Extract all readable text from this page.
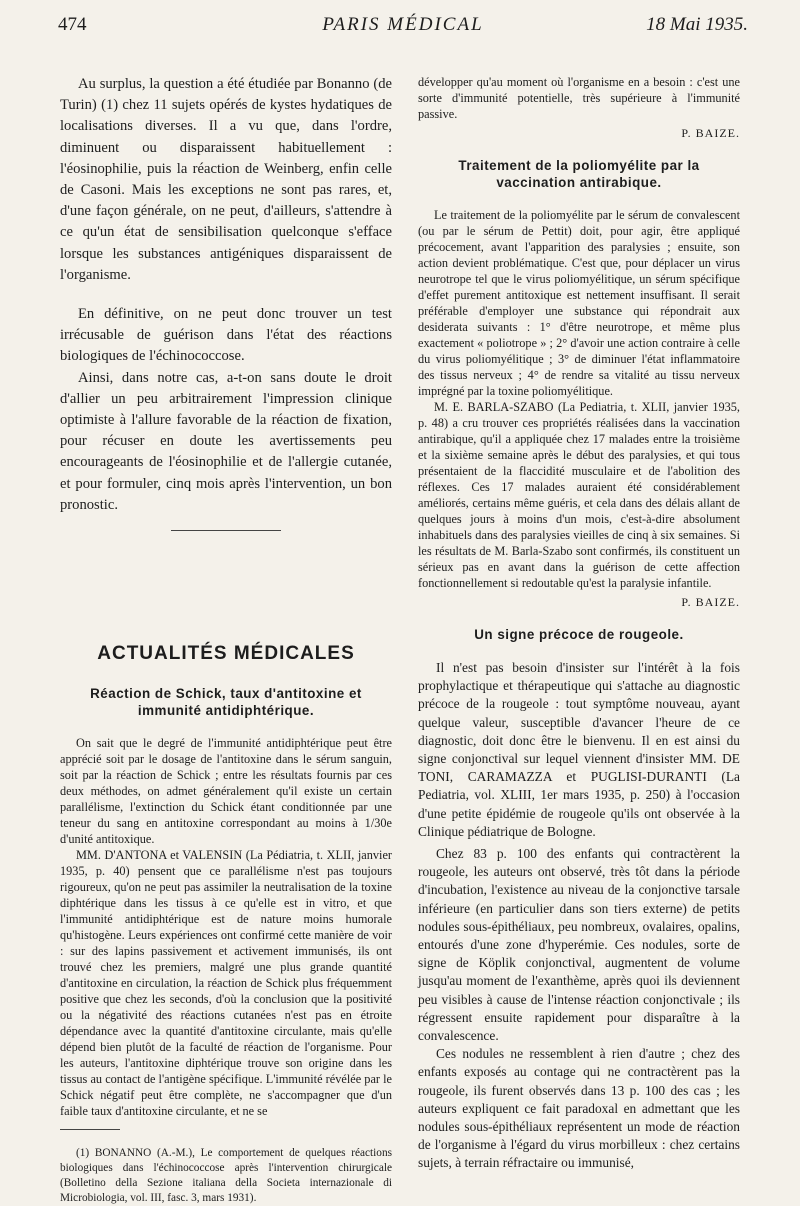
474	PARIS MÉDICAL	18 Mai 1935.

Au surplus, la question a été étudiée par Bonanno (de Turin) (1) chez 11 sujets opérés de kystes hydatiques de localisations diverses. Il a vu que, dans l'ordre, diminuent ou disparaissent habituellement : l'éosinophilie, puis la réaction de Weinberg, enfin celle de Casoni. Mais les exceptions ne sont pas rares, et, d'une façon générale, on ne peut, d'ailleurs, s'attendre à ce qu'un état de sensibilisation quelconque s'efface lorsque les substances antigéniques disparaissent de l'organisme.

En définitive, on ne peut donc trouver un test irrécusable de guérison dans l'état des réactions biologiques de l'échinococcose.

Ainsi, dans notre cas, a-t-on sans doute le droit d'allier un peu arbitrairement l'impression clinique optimiste à l'allure favorable de la réaction de fixation, pour récuser en doute les avertissements peu encourageants de l'éosinophilie et de l'allergie cutanée, et pour formuler, cinq mois après l'intervention, un bon pronostic.

ACTUALITÉS MÉDICALES
Réaction de Schick, taux d'antitoxine et immunité antidiphtérique.

On sait que le degré de l'immunité antidiphtérique peut être apprécié soit par le dosage de l'antitoxine dans le sérum sanguin, soit par la réaction de Schick ; entre les résultats fournis par ces deux méthodes, on admet généralement qu'il existe un certain parallélisme, l'extinction du Schick étant conditionnée par une teneur du sang en antitoxine correspondant au moins à 1/30e d'unité antitoxique.

MM. D'ANTONA et VALENSIN (La Pédiatria, t. XLII, janvier 1935, p. 40) pensent que ce parallélisme n'est pas toujours rigoureux, qu'on ne peut pas assimiler la neutralisation de la toxine diphtérique dans les tissus à ce qu'elle est in vitro, et que l'immunité antidiphtérique est de nature moins humorale qu'histogène. Leurs expériences ont confirmé cette manière de voir : sur des lapins passivement et activement immunisés, ils ont trouvé chez les premiers, malgré une plus grande quantité d'antitoxine en circulation, la réaction de Schick plus fréquemment positive que chez les seconds, d'où la conclusion que la positivité ou la négativité des réactions cutanées n'est pas en étroite dépendance avec la quantité d'antitoxine circulante, mais qu'elle dépend bien plutôt de la faculté de réaction de l'organisme. Pour les auteurs, l'antitoxine diphtérique trouve son origine dans les tissus au contact de l'antigène spécifique. L'immunité révélée par le Schick négatif peut être complète, ne s'accompagner que d'un faible taux d'antitoxine circulante, et ne se

(1) BONANNO (A.-M.), Le comportement de quelques réactions biologiques dans l'échinococcose après l'intervention chirurgicale (Bolletino della Sezione italiana della Societa internazionale di Microbiologia, vol. III, fasc. 3, mars 1931).

développer qu'au moment où l'organisme en a besoin : c'est une sorte d'immunité potentielle, très supérieure à l'immunité passive.

P. BAIZE.
Traitement de la poliomyélite par la vaccination antirabique.

Le traitement de la poliomyélite par le sérum de convalescent (ou par le sérum de Pettit) doit, pour agir, être appliqué précocement, avant l'apparition des paralysies ; ensuite, son action devient problématique. C'est que, pour déplacer un virus neurotrope tel que le virus poliomyélitique, un sérum spécifique d'effet purement antitoxique est nettement insuffisant. Il serait préférable d'employer une substance qui répondrait aux desiderata suivants : 1° d'être neurotrope, et même plus exactement « poliotrope » ; 2° d'avoir une action contraire à celle du virus poliomyélitique ; 3° de diminuer l'état inflammatoire des tissus nerveux ; 4° de rendre sa vitalité au tissu nerveux imprégné par la toxine poliomyélitique.

M. E. BARLA-SZABO (La Pediatria, t. XLII, janvier 1935, p. 48) a cru trouver ces propriétés réalisées dans la vaccination antirabique, qu'il a appliquée chez 17 malades entre la troisième et la sixième semaine après le début des paralysies, et qui tous présentaient de la flaccidité musculaire et de l'abolition des réflexes. Ces 17 malades auraient été considérablement améliorés, certains même guéris, et cela dans des délais allant de quelques jours à moins d'un mois, c'est-à-dire absolument inhabituels dans des paralysies vieilles de cinq à six semaines. Si les résultats de M. Barla-Szabo sont confirmés, ils constituent un sérieux pas en avant dans la guérison de cette affection fonctionnellement si redoutable qu'est la paralysie infantile.

P. BAIZE.
Un signe précoce de rougeole.

Il n'est pas besoin d'insister sur l'intérêt à la fois prophylactique et thérapeutique qui s'attache au diagnostic précoce de la rougeole : tout symptôme nouveau, ayant quelque valeur, susceptible d'avancer l'heure de ce diagnostic, doit donc être le bienvenu. Il en est ainsi du signe conjonctival sur lequel viennent d'insister MM. DE TONI, CARAMAZZA et PUGLISI-DURANTI (La Pediatria, vol. XLIII, 1er mars 1935, p. 250) à l'occasion d'une petite épidémie de rougeole qu'ils ont observée à la Clinique pédiatrique de Bologne.

Chez 83 p. 100 des enfants qui contractèrent la rougeole, les auteurs ont observé, très tôt dans la période d'incubation, l'existence au niveau de la conjonctive tarsale inférieure (en particulier dans son tiers externe) de petits nodules sous-épithéliaux, peu nombreux, ovalaires, opalins, entourés d'une zone d'hyperémie. Ces nodules, sorte de signe de Köplik conjonctival, augmentent de volume jusqu'au moment de l'exanthème, après quoi ils deviennent peu visibles à cause de l'intense réaction conjonctivale ; ils régressent ensuite rapidement pour disparaître à la convalescence.

Ces nodules ne ressemblent à rien d'autre ; chez des enfants exposés au contage qui ne contractèrent pas la rougeole, ils furent observés dans 13 p. 100 des cas ; les auteurs expliquent ce fait paradoxal en admettant que les nodules sous-épithéliaux représentent un mode de réaction de l'organisme à l'égard du virus morbilleux : chez certains sujets, à terrain réfractaire ou immunisé,
